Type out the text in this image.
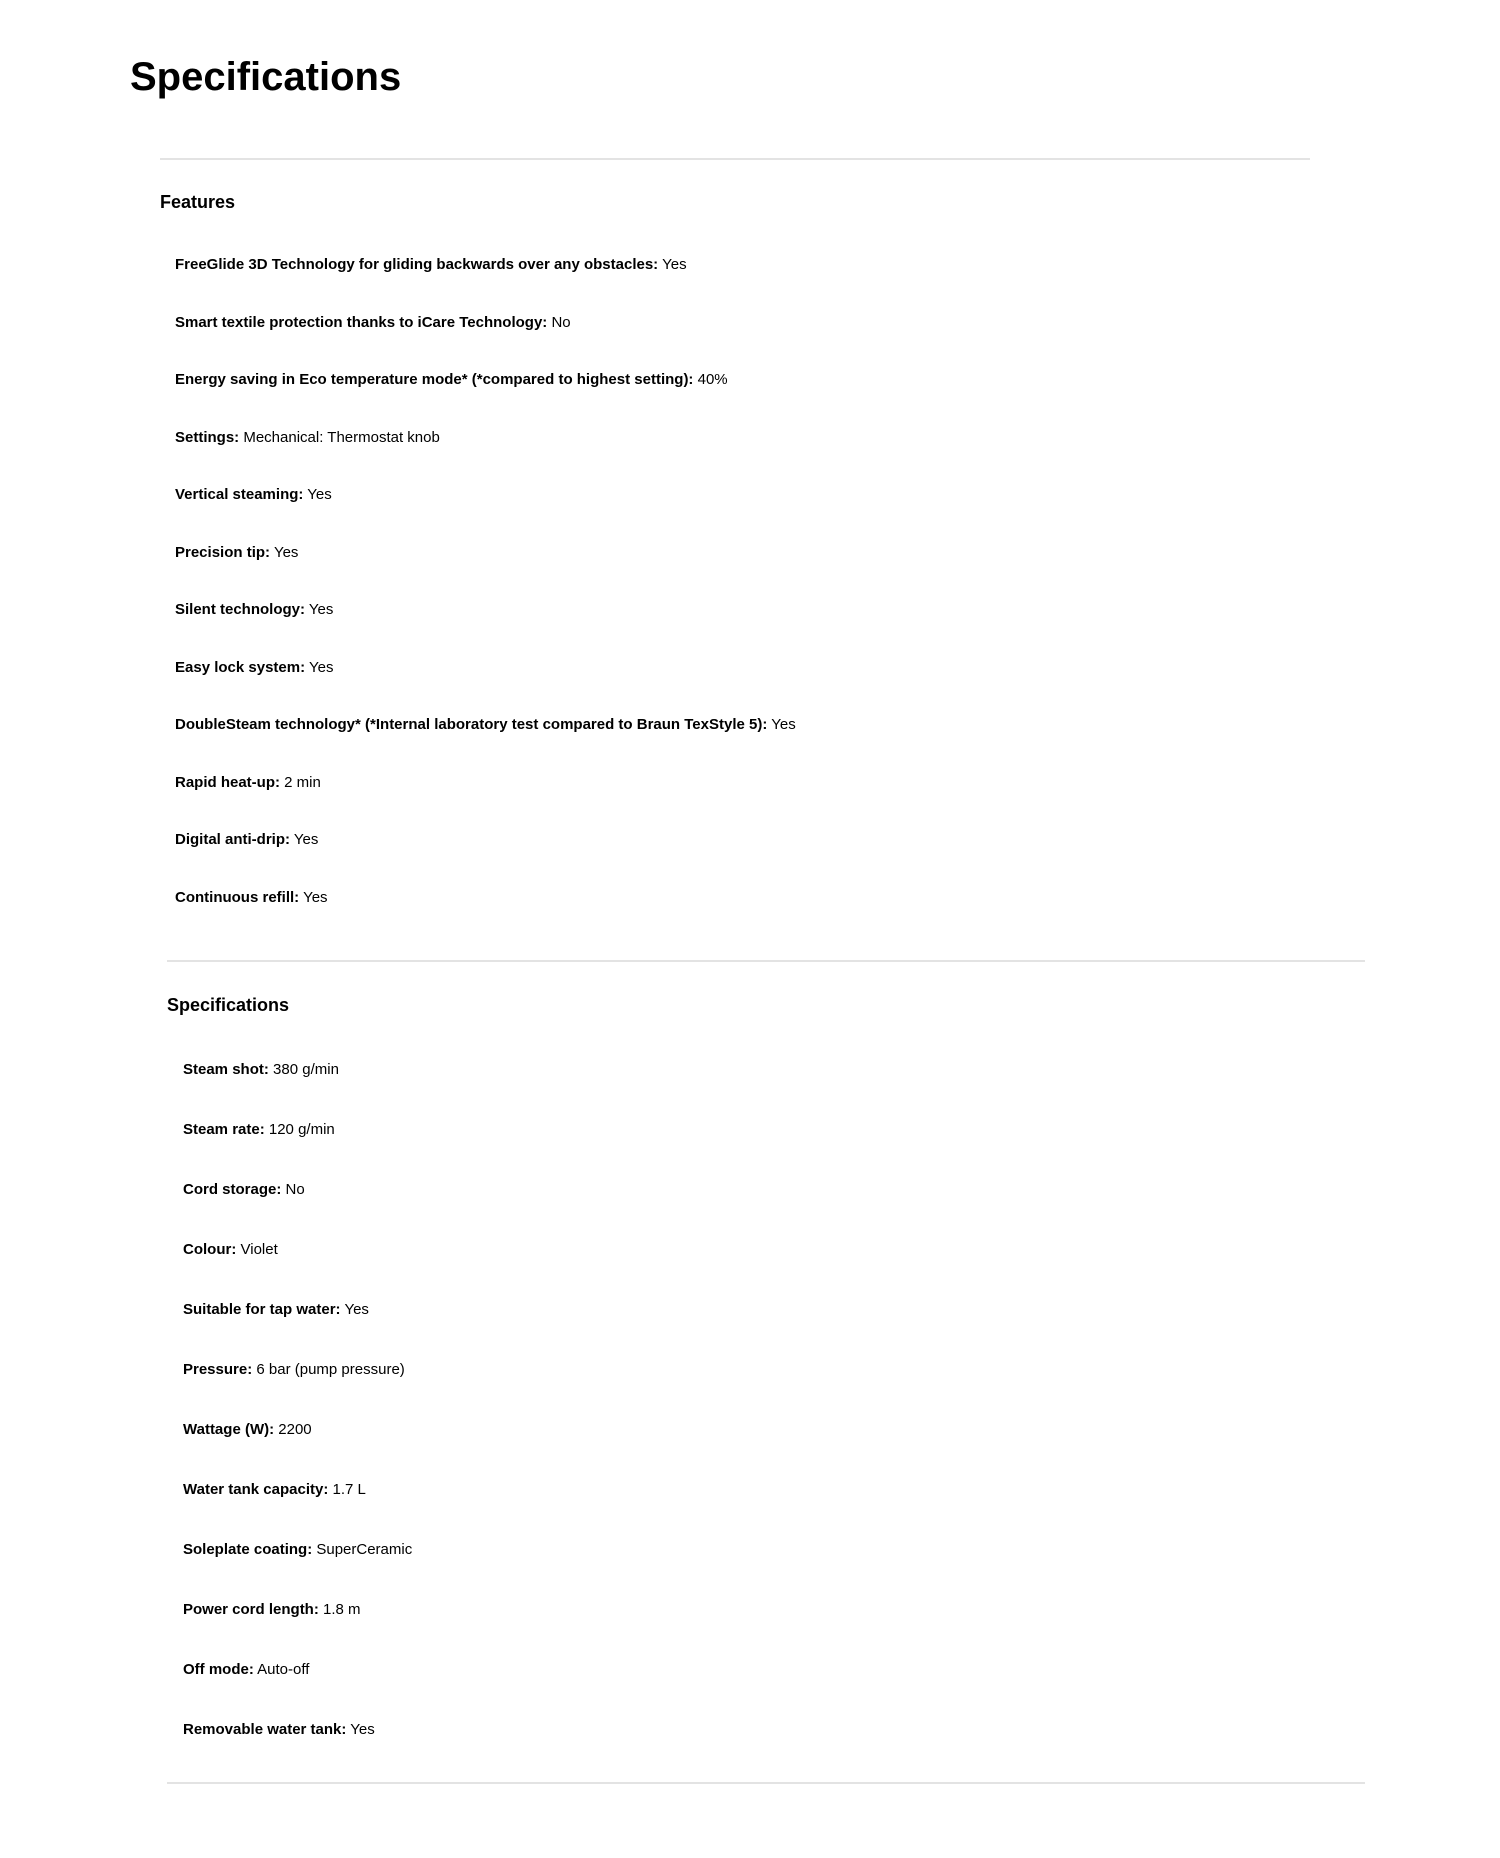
Specifications
Features
FreeGlide 3D Technology for gliding backwards over any obstacles: Yes
Smart textile protection thanks to iCare Technology: No
Energy saving in Eco temperature mode* (*compared to highest setting): 40%
Settings: Mechanical: Thermostat knob
Vertical steaming: Yes
Precision tip: Yes
Silent technology: Yes
Easy lock system: Yes
DoubleSteam technology* (*Internal laboratory test compared to Braun TexStyle 5): Yes
Rapid heat-up: 2 min
Digital anti-drip: Yes
Continuous refill: Yes
Specifications
Steam shot: 380 g/min
Steam rate: 120 g/min
Cord storage: No
Colour: Violet
Suitable for tap water: Yes
Pressure: 6 bar (pump pressure)
Wattage (W): 2200
Water tank capacity: 1.7 L
Soleplate coating: SuperCeramic
Power cord length: 1.8 m
Off mode: Auto-off
Removable water tank: Yes
